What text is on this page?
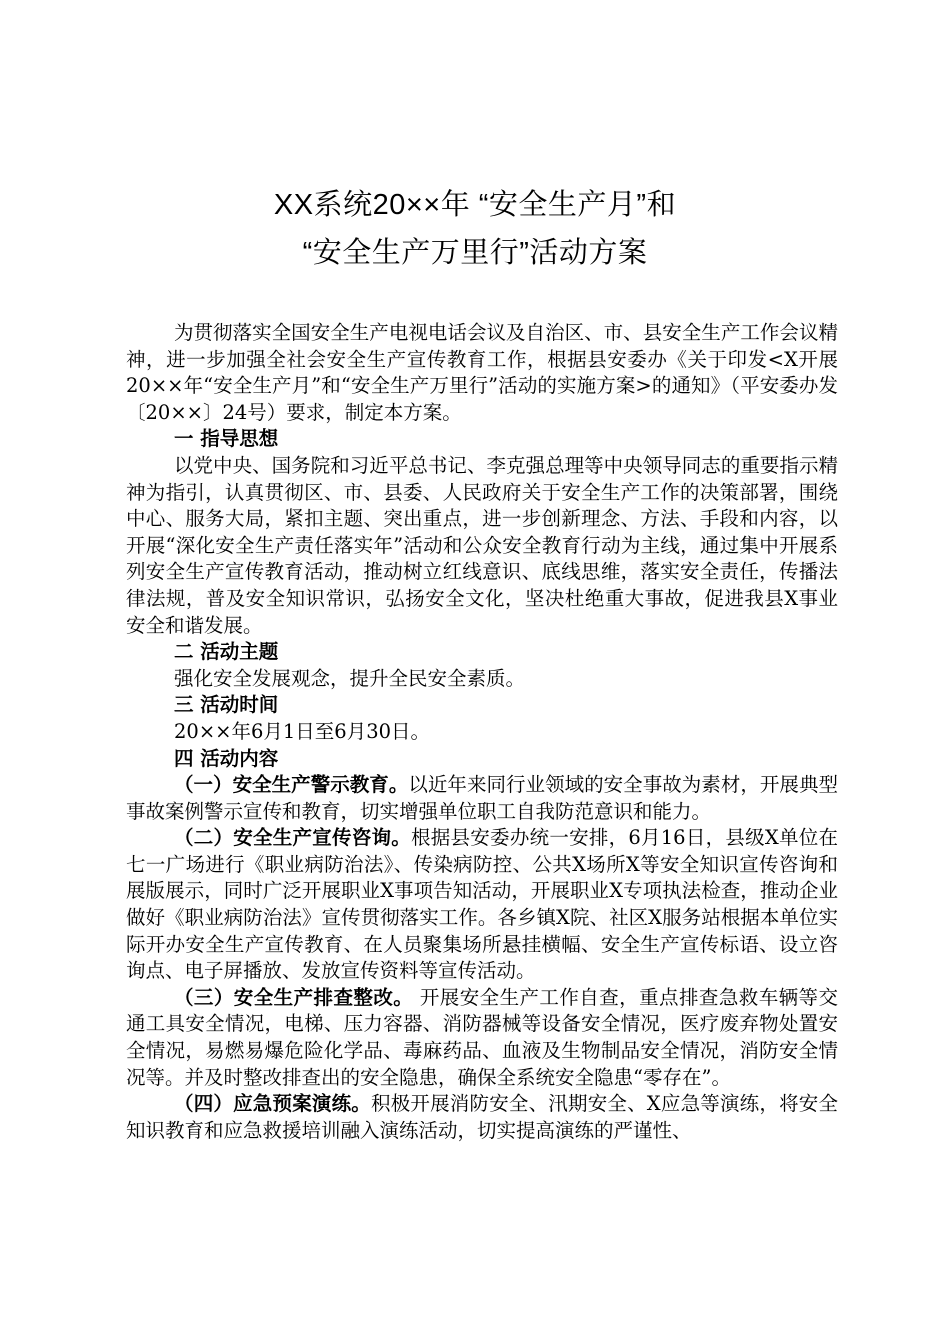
XX系统20××年 “安全生产月”和
“安全生产万里行”活动方案

为贯彻落实全国安全生产电视电话会议及自治区、市、县安全生产工作会议精神，进一步加强全社会安全生产宣传教育工作，根据县安委办《关于印发<X开展20××年“安全生产月”和“安全生产万里行”活动的实施方案>的通知》（平安委办发〔20××〕24号）要求，制定本方案。

一 指导思想

以党中央、国务院和习近平总书记、李克强总理等中央领导同志的重要指示精神为指引，认真贯彻区、市、县委、人民政府关于安全生产工作的决策部署，围绕中心、服务大局，紧扣主题、突出重点，进一步创新理念、方法、手段和内容，以开展“深化安全生产责任落实年”活动和公众安全教育行动为主线，通过集中开展系列安全生产宣传教育活动，推动树立红线意识、底线思维，落实安全责任，传播法律法规，普及安全知识常识，弘扬安全文化，坚决杜绝重大事故，促进我县X事业安全和谐发展。

二 活动主题

强化安全发展观念，提升全民安全素质。

三 活动时间

20××年6月1日至6月30日。

四 活动内容

（一）安全生产警示教育。以近年来同行业领域的安全事故为素材，开展典型事故案例警示宣传和教育，切实增强单位职工自我防范意识和能力。

（二）安全生产宣传咨询。根据县安委办统一安排，6月16日，县级X单位在七一广场进行《职业病防治法》、传染病防控、公共X场所X等安全知识宣传咨询和展版展示，同时广泛开展职业X事项告知活动，开展职业X专项执法检查，推动企业做好《职业病防治法》宣传贯彻落实工作。各乡镇X院、社区X服务站根据本单位实际开办安全生产宣传教育、在人员聚集场所悬挂横幅、安全生产宣传标语、设立咨询点、电子屏播放、发放宣传资料等宣传活动。

（三）安全生产排查整改。 开展安全生产工作自查，重点排查急救车辆等交通工具安全情况，电梯、压力容器、消防器械等设备安全情况，医疗废弃物处置安全情况，易燃易爆危险化学品、毒麻药品、血液及生物制品安全情况，消防安全情况等。并及时整改排查出的安全隐患，确保全系统安全隐患“零存在”。

（四）应急预案演练。积极开展消防安全、汛期安全、X应急等演练，将安全知识教育和应急救援培训融入演练活动，切实提高演练的严谨性、
